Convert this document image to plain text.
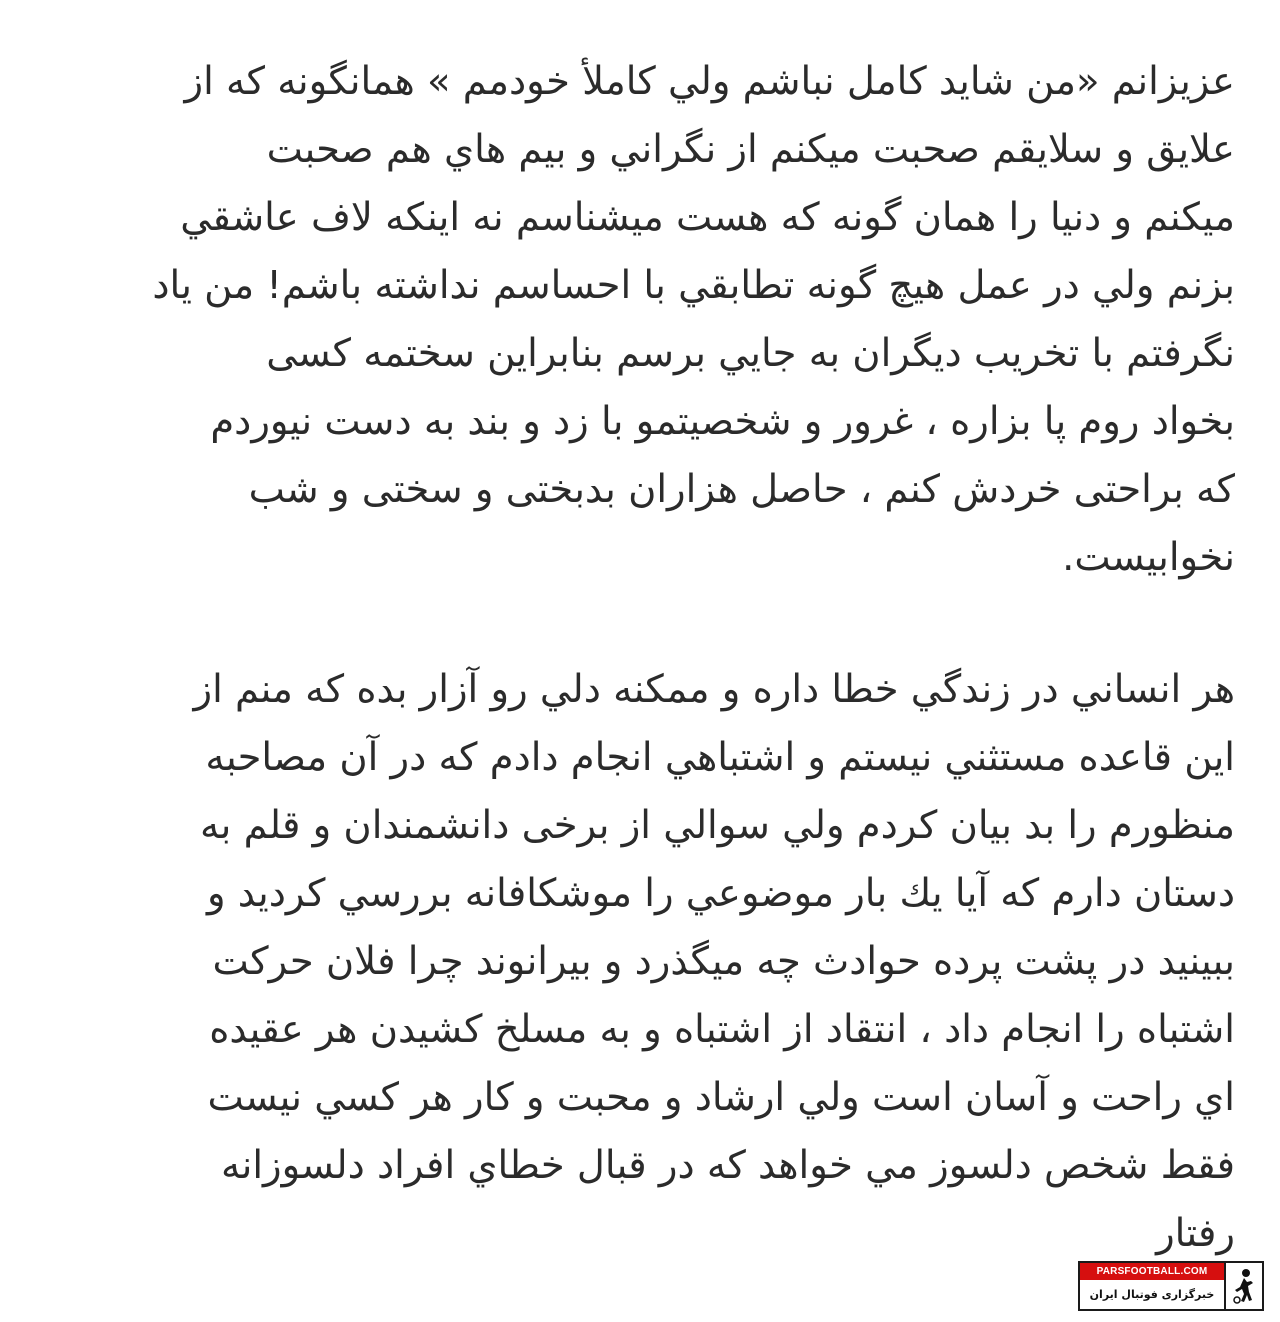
عزیزانم «من شاید کامل نباشم ولي کاملأ خودمم » همانگونه که از

علايق و سلايقم صحبت ميکنم از نگراني و بيم هاي هم صحبت

ميکنم و دنيا را همان گونه که هست ميشناسم نه اينکه لاف عاشقي

بزنم ولي در عمل هيچ گونه تطابقي با احساسم نداشته باشم! من ياد

نگرفتم با تخريب ديگران به جايي برسم بنابراين سختمه کسی

بخواد روم پا بزاره ، غرور و شخصیتمو با زد و بند به دست نیوردم

که براحتی خردش کنم ، حاصل هزاران بدبختی و سختی و شب

نخوابیست.

هر انساني در زندگي خطا داره و ممکنه دلي رو آزار بده که منم از

اين قاعده مستثني نيستم و اشتباهي انجام دادم که در آن مصاحبه

منظورم را بد بيان کردم ولي سوالي از برخی دانشمندان و قلم به

دستان دارم که آيا يك بار موضوعي را موشکافانه بررسي کرديد و

ببينيد در پشت پرده حوادث چه ميگذرد و بيرانوند چرا فلان حرکت

اشتباه را انجام داد ، انتقاد از اشتباه و به مسلخ کشيدن هر عقيده

اي راحت و آسان است ولي ارشاد و محبت و کار هر کسي نيست

فقط شخص دلسوز مي خواهد که در قبال خطاي افراد دلسوزانه

رفتار

PARSFOOTBALL.COM
خبرگزاری فوتبال ایران
